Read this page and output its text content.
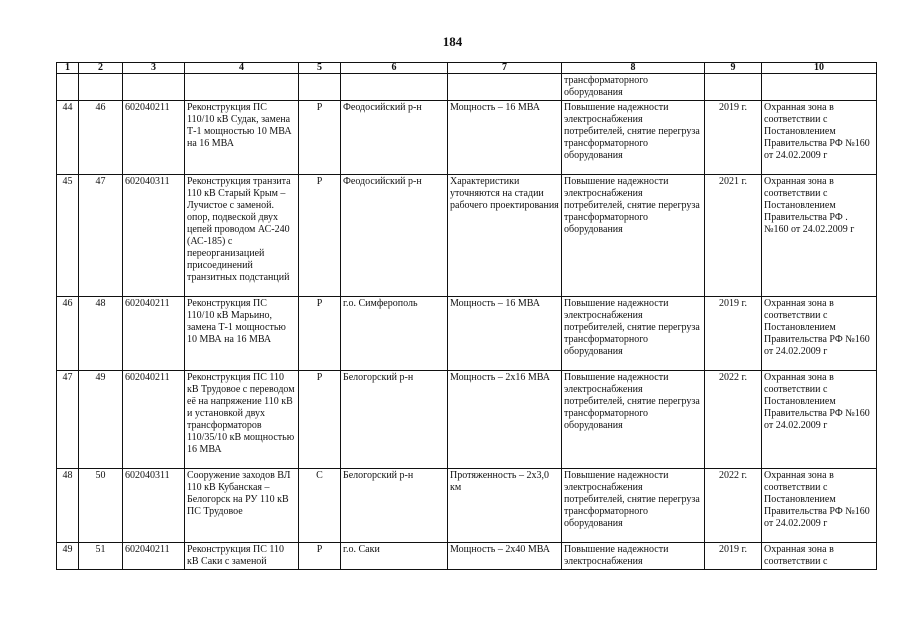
184
1	2	3	4	5	6	7	8	9	10
							трансформаторного оборудования		
44	46	602040211	Реконструкция ПС 110/10 кВ Судак, замена Т-1 мощностью 10 МВА на 16 МВА	Р	Феодосийский р-н	Мощность – 16 МВА	Повышение надежности электроснабжения потребителей, снятие перегруза трансформаторного оборудования	2019 г.	Охранная зона в соответствии с Постановлением Правительства РФ №160 от 24.02.2009 г
45	47	602040311	Реконструкция транзита 110 кВ Старый Крым – Лучистое с заменой. опор, подвеской двух цепей проводом АС-240 (АС-185) с переорганизацией присоединений транзитных подстанций	Р	Феодосийский р-н	Характеристики уточняются на стадии рабочего проектирования	Повышение надежности электроснабжения потребителей, снятие перегруза трансформаторного оборудования	2021 г.	Охранная зона в соответствии с Постановлением Правительства РФ . №160 от 24.02.2009 г
46	48	602040211	Реконструкция ПС 110/10 кВ Марьино, замена Т-1 мощностью 10 МВА на 16 МВА	Р	г.о. Симферополь	Мощность – 16 МВА	Повышение надежности электроснабжения потребителей, снятие перегруза трансформаторного оборудования	2019 г.	Охранная зона в соответствии с Постановлением Правительства РФ №160 от 24.02.2009 г
47	49	602040211	Реконструкция ПС 110 кВ Трудовое с переводом её на напряжение 110 кВ и установкой двух трансформаторов 110/35/10 кВ мощностью 16 МВА	Р	Белогорский р-н	Мощность – 2х16 МВА	Повышение надежности электроснабжения потребителей, снятие перегруза трансформаторного оборудования	2022 г.	Охранная зона в соответствии с Постановлением Правительства РФ №160 от 24.02.2009 г
48	50	602040311	Сооружение заходов ВЛ 110 кВ Кубанская – Белогорск на РУ 110 кВ ПС Трудовое	С	Белогорский р-н	Протяженность – 2х3,0 км	Повышение надежности электроснабжения потребителей, снятие перегруза трансформаторного оборудования	2022 г.	Охранная зона в соответствии с Постановлением Правительства РФ №160 от 24.02.2009 г
49	51	602040211	Реконструкция ПС 110 кВ Саки с заменой	Р	г.о. Саки	Мощность – 2х40 МВА	Повышение надежности электроснабжения	2019 г.	Охранная зона в соответствии с
